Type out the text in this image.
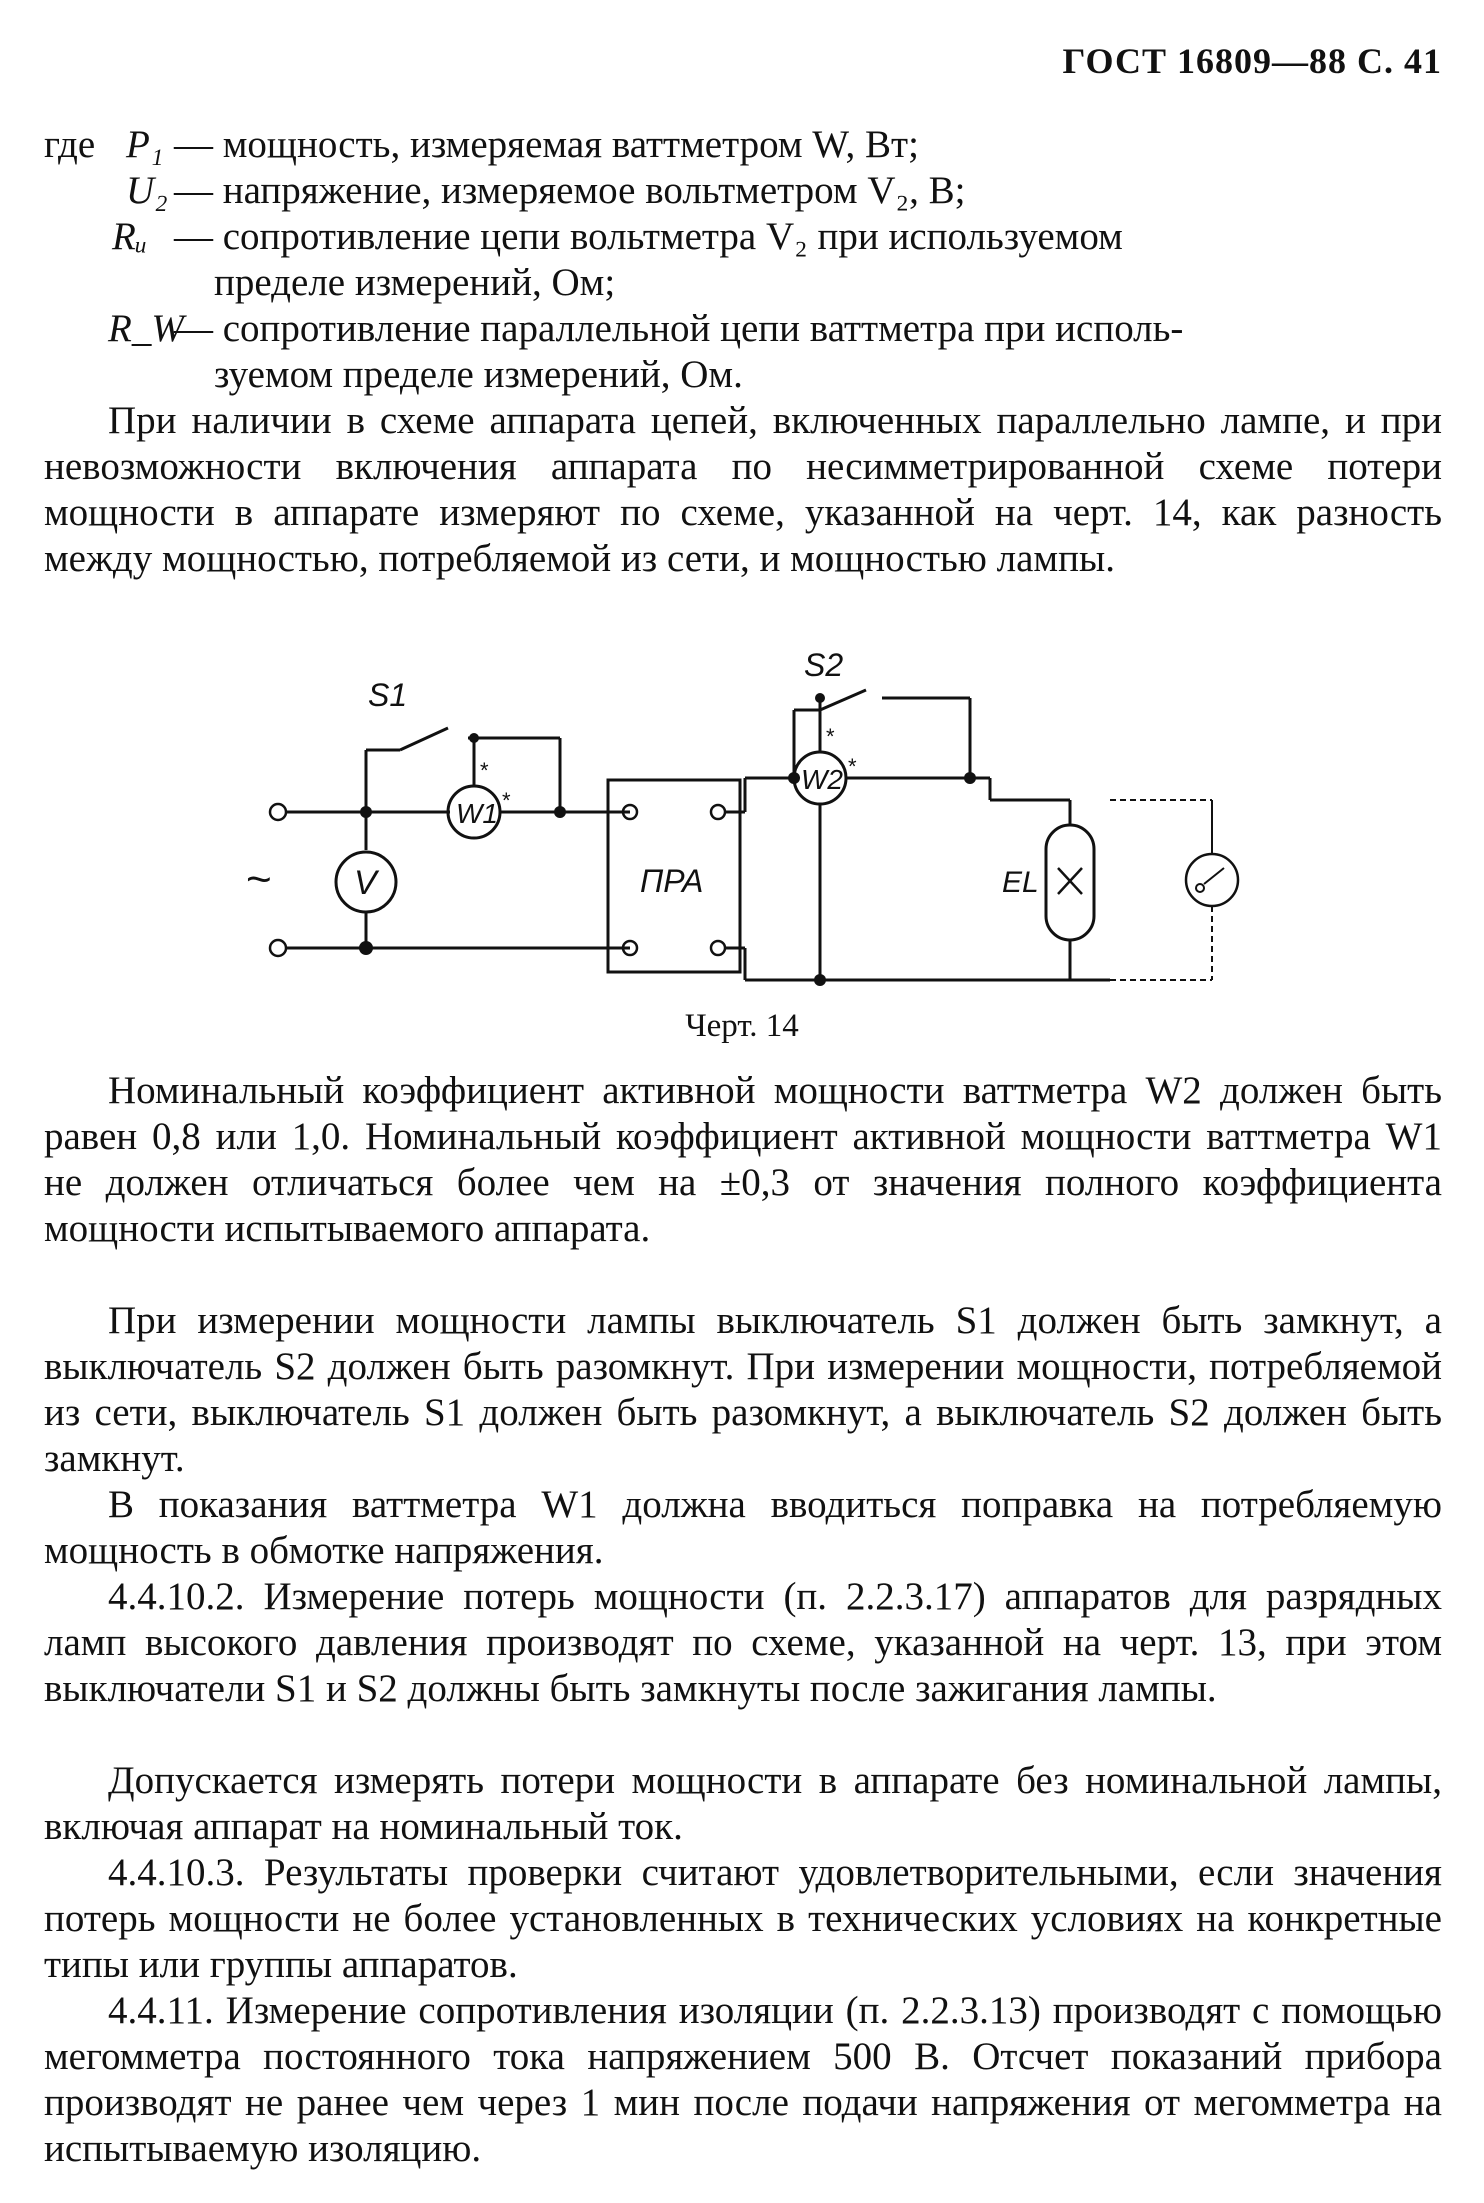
ГОСТ 16809—88 С. 41
где P₁ — мощность, измеряемая ваттметром W, Вт;
U₂ — напряжение, измеряемое вольтметром V₂, В;
Rᵤ — сопротивление цепи вольтметра V₂ при используемом
пределе измерений, Ом;
R_W
— сопротивление параллельной цепи ваттметра при исполь-
зуемом пределе измерений, Ом.
При наличии в схеме аппарата цепей, включенных параллельно лампе, и при невозможности включения аппарата по несимметрированной схеме потери мощности в аппарате измеряют по схеме, указанной на черт. 14, как разность между мощностью, потребляемой из сети, и мощностью лампы.
S1
S2
W1
W2
V	ПРА	EL
~
*
*
*
*
Черт. 14
Номинальный коэффициент активной мощности ваттметра W2 должен быть равен 0,8 или 1,0. Номинальный коэффициент активной мощности ваттметра W1 не должен отличаться более чем на ±0,3 от значения полного коэффициента мощности испытываемого аппарата.
При измерении мощности лампы выключатель S1 должен быть замкнут, а выключатель S2 должен быть разомкнут. При измерении мощности, потребляемой из сети, выключатель S1 должен быть разомкнут, а выключатель S2 должен быть замкнут.
В показания ваттметра W1 должна вводиться поправка на потребляемую мощность в обмотке напряжения.
4.4.10.2. Измерение потерь мощности (п. 2.2.3.17) аппаратов для разрядных ламп высокого давления производят по схеме, указанной на черт. 13, при этом выключатели S1 и S2 должны быть замкнуты после зажигания лампы.
Допускается измерять потери мощности в аппарате без номинальной лампы, включая аппарат на номинальный ток.
4.4.10.3. Результаты проверки считают удовлетворительными, если значения потерь мощности не более установленных в технических условиях на конкретные типы или группы аппаратов.
4.4.11. Измерение сопротивления изоляции (п. 2.2.3.13) производят с помощью мегомметра постоянного тока напряжением 500 В. Отсчет показаний прибора производят не ранее чем через 1 мин после подачи напряжения от мегомметра на испытываемую изоляцию.
